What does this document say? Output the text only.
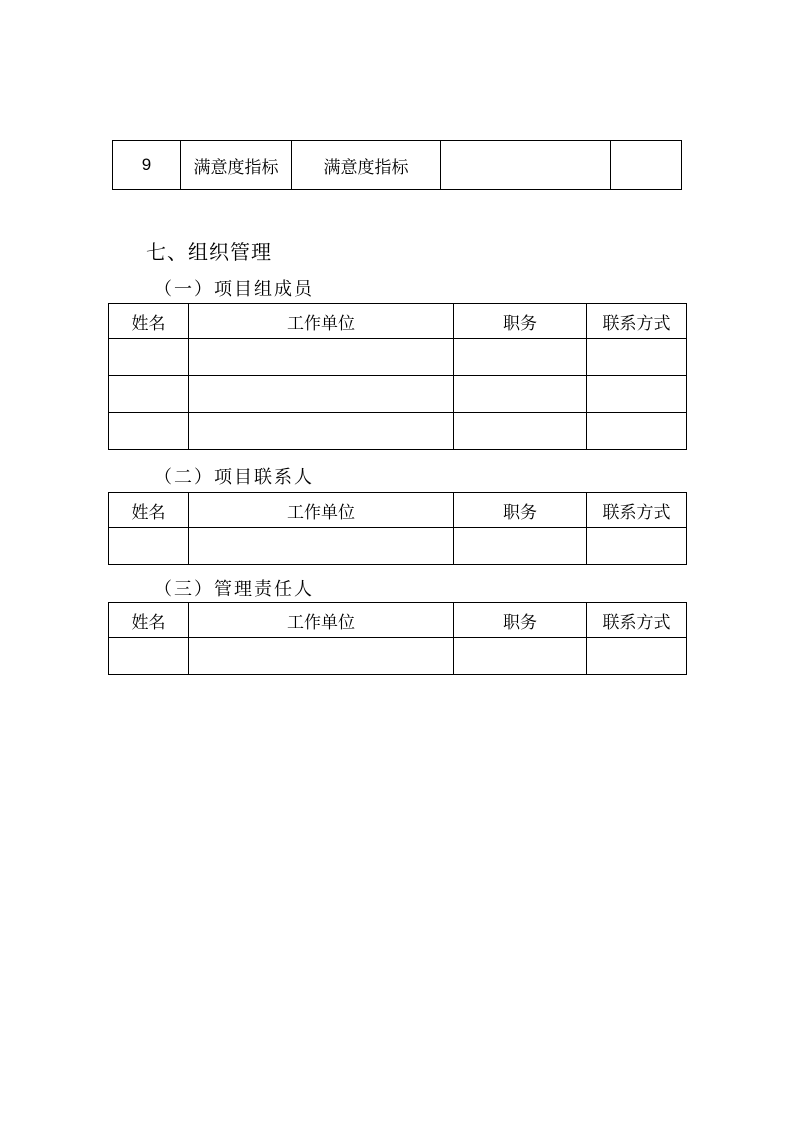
9	满意度指标	满意度指标		
七、组织管理
（一）项目组成员
姓名	工作单位	职务	联系方式

（二）项目联系人
姓名	工作单位	职务	联系方式

（三）管理责任人
姓名	工作单位	职务	联系方式
